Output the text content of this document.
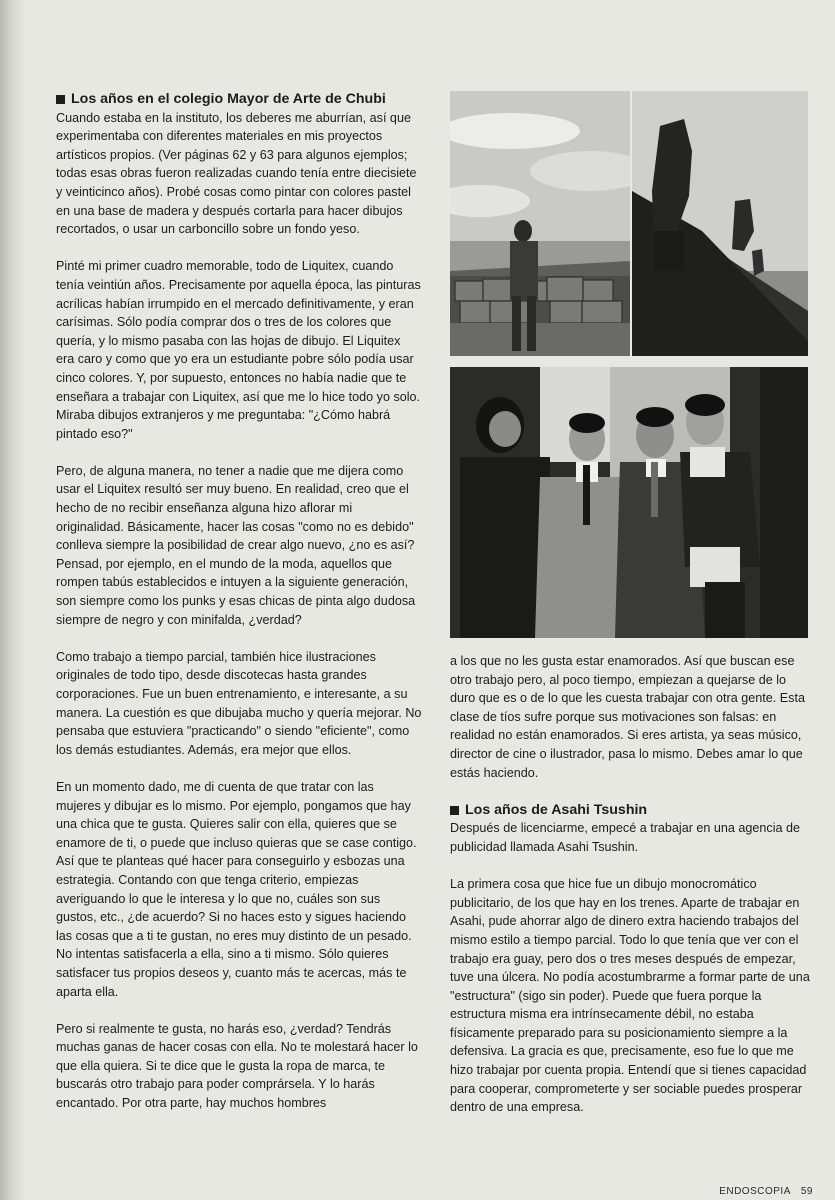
Los años en el colegio Mayor de Arte de Chubi

Cuando estaba en la instituto, los deberes me aburrían, así que experimentaba con diferentes materiales en mis proyectos artísticos propios. (Ver páginas 62 y 63 para algunos ejemplos; todas esas obras fueron realizadas cuando tenía entre diecisiete y veinticinco años). Probé cosas como pintar con colores pastel en una base de madera y después cortarla para hacer dibujos recortados, o usar un carboncillo sobre un fondo yeso.

Pinté mi primer cuadro memorable, todo de Liquitex, cuando tenía veintiún años. Precisamente por aquella época, las pinturas acrílicas habían irrumpido en el mercado definitivamente, y eran carísimas. Sólo podía comprar dos o tres de los colores que quería, y lo mismo pasaba con las hojas de dibujo. El Liquitex era caro y como que yo era un estudiante pobre sólo podía usar cinco colores. Y, por supuesto, entonces no había nadie que te enseñara a trabajar con Liquitex, así que me lo hice todo yo solo. Miraba dibujos extranjeros y me preguntaba: "¿Cómo habrá pintado eso?"

Pero, de alguna manera, no tener a nadie que me dijera como usar el Liquitex resultó ser muy bueno. En realidad, creo que el hecho de no recibir enseñanza alguna hizo aflorar mi originalidad. Básicamente, hacer las cosas "como no es debido" conlleva siempre la posibilidad de crear algo nuevo, ¿no es así? Pensad, por ejemplo, en el mundo de la moda, aquellos que rompen tabús establecidos e intuyen a la siguiente generación, son siempre como los punks y esas chicas de pinta algo dudosa siempre de negro y con minifalda, ¿verdad?

Como trabajo a tiempo parcial, también hice ilustraciones originales de todo tipo, desde discotecas hasta grandes corporaciones. Fue un buen entrenamiento, e interesante, a su manera. La cuestión es que dibujaba mucho y quería mejorar. No pensaba que estuviera "practicando" o siendo "eficiente", como los demás estudiantes. Además, era mejor que ellos.

En un momento dado, me di cuenta de que tratar con las mujeres y dibujar es lo mismo. Por ejemplo, pongamos que hay una chica que te gusta. Quieres salir con ella, quieres que se enamore de ti, o puede que incluso quieras que se case contigo. Así que te planteas qué hacer para conseguirlo y esbozas una estrategia. Contando con que tenga criterio, empiezas averiguando lo que le interesa y lo que no, cuáles son sus gustos, etc., ¿de acuerdo? Si no haces esto y sigues haciendo las cosas que a ti te gustan, no eres muy distinto de un pesado. No intentas satisfacerla a ella, sino a ti mismo. Sólo quieres satisfacer tus propios deseos y, cuanto más te acercas, más te aparta ella.

Pero si realmente te gusta, no harás eso, ¿verdad? Tendrás muchas ganas de hacer cosas con ella. No te molestará hacer lo que ella quiera. Si te dice que le gusta la ropa de marca, te buscarás otro trabajo para poder comprársela. Y lo harás encantado. Por otra parte, hay muchos hombres

a los que no les gusta estar enamorados. Así que buscan ese otro trabajo pero, al poco tiempo, empiezan a quejarse de lo duro que es o de lo que les cuesta trabajar con otra gente. Esta clase de tíos sufre porque sus motivaciones son falsas: en realidad no están enamorados. Si eres artista, ya seas músico, director de cine o ilustrador, pasa lo mismo. Debes amar lo que estás haciendo.

Los años de Asahi Tsushin

Después de licenciarme, empecé a trabajar en una agencia de publicidad llamada Asahi Tsushin.

La primera cosa que hice fue un dibujo monocromático publicitario, de los que hay en los trenes. Aparte de trabajar en Asahi, pude ahorrar algo de dinero extra haciendo trabajos del mismo estilo a tiempo parcial. Todo lo que tenía que ver con el trabajo era guay, pero dos o tres meses después de empezar, tuve una úlcera. No podía acostumbrarme a formar parte de una "estructura" (sigo sin poder). Puede que fuera porque la estructura misma era intrínsecamente débil, no estaba físicamente preparado para su posicionamiento siempre a la defensiva. La gracia es que, precisamente, eso fue lo que me hizo trabajar por cuenta propia. Entendí que si tienes capacidad para cooperar, comprometerte y ser sociable puedes prosperar dentro de una empresa.

ENDOSCOPIA 59
